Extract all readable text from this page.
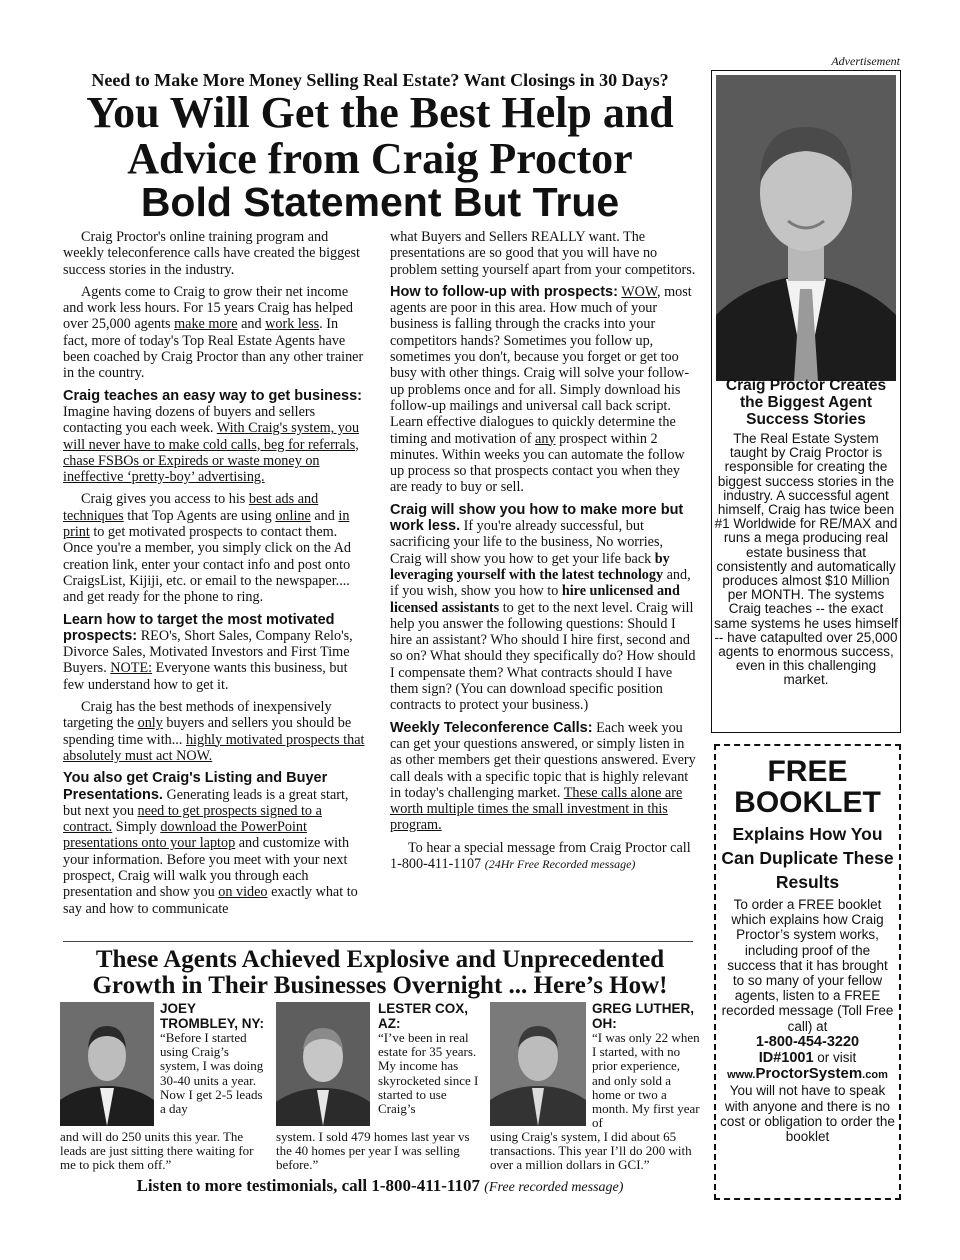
Advertisement
Need to Make More Money Selling Real Estate? Want Closings in 30 Days?
You Will Get the Best Help and
Advice from Craig Proctor
Bold Statement But True

Craig Proctor's online training program and weekly teleconference calls have created the biggest success stories in the industry.

Agents come to Craig to grow their net income and work less hours. For 15 years Craig has helped over 25,000 agents make more and work less. In fact, more of today's Top Real Estate Agents have been coached by Craig Proctor than any other trainer in the country.

Craig teaches an easy way to get business: Imagine having dozens of buyers and sellers contacting you each week. With Craig's system, you will never have to make cold calls, beg for referrals, chase FSBOs or Expireds or waste money on ineffective ‘pretty-boy’ advertising.

Craig gives you access to his best ads and techniques that Top Agents are using online and in print to get motivated prospects to contact them. Once you're a member, you simply click on the Ad creation link, enter your contact info and post onto CraigsList, Kijiji, etc. or email to the newspaper.... and get ready for the phone to ring.

Learn how to target the most motivated prospects: REO's, Short Sales, Company Relo's, Divorce Sales, Motivated Investors and First Time Buyers. NOTE: Everyone wants this business, but few understand how to get it.

Craig has the best methods of inexpensively targeting the only buyers and sellers you should be spending time with... highly motivated prospects that absolutely must act NOW.

You also get Craig's Listing and Buyer Presentations. Generating leads is a great start, but next you need to get prospects signed to a contract. Simply download the PowerPoint presentations onto your laptop and customize with your information. Before you meet with your next prospect, Craig will walk you through each presentation and show you on video exactly what to say and how to communicate

what Buyers and Sellers REALLY want. The presentations are so good that you will have no problem setting yourself apart from your competitors.

How to follow-up with prospects: WOW, most agents are poor in this area. How much of your business is falling through the cracks into your competitors hands? Sometimes you follow up, sometimes you don't, because you forget or get too busy with other things. Craig will solve your follow-up problems once and for all. Simply download his follow-up mailings and universal call back script. Learn effective dialogues to quickly determine the timing and motivation of any prospect within 2 minutes. Within weeks you can automate the follow up process so that prospects contact you when they are ready to buy or sell.

Craig will show you how to make more but work less. If you're already successful, but sacrificing your life to the business, No worries, Craig will show you how to get your life back by leveraging yourself with the latest technology and, if you wish, show you how to hire unlicensed and licensed assistants to get to the next level. Craig will help you answer the following questions: Should I hire an assistant? Who should I hire first, second and so on? What should they specifically do? How should I compensate them? What contracts should I have them sign? (You can download specific position contracts to protect your business.)

Weekly Teleconference Calls: Each week you can get your questions answered, or simply listen in as other members get their questions answered. Every call deals with a specific topic that is highly relevant in today's challenging market. These calls alone are worth multiple times the small investment in this program.

To hear a special message from Craig Proctor call 1-800-411-1107 (24Hr Free Recorded message)

These Agents Achieved Explosive and Unprecedented Growth in Their Businesses Overnight ... Here’s How!
JOEY TROMBLEY, NY:
“Before I started using Craig’s system, I was doing 30-40 units a year. Now I get 2-5 leads a day
and will do 250 units this year. The leads are just sitting there waiting for me to pick them off.”
LESTER COX, AZ:
“I’ve been in real estate for 35 years. My income has skyrocketed since I started to use Craig’s
system. I sold 479 homes last year vs the 40 homes per year I was selling before.”
GREG LUTHER, OH:
“I was only 22 when I started, with no prior experience, and only sold a home or two a month. My first year of
using Craig's system, I did about 65 transactions. This year I’ll do 200 with over a million dollars in GCI.”
Listen to more testimonials, call 1-800-411-1107 (Free recorded message)
Craig Proctor Creates the Biggest Agent Success Stories
The Real Estate System taught by Craig Proctor is responsible for creating the biggest success stories in the industry. A successful agent himself, Craig has twice been #1 Worldwide for RE/MAX and runs a mega producing real estate business that consistently and automatically produces almost $10 Million per MONTH. The systems Craig teaches -- the exact same systems he uses himself -- have catapulted over 25,000 agents to enormous success, even in this challenging market.
FREE
BOOKLET
Explains How You Can Duplicate These Results
To order a FREE booklet which explains how Craig Proctor’s system works, including proof of the success that it has brought to so many of your fellow agents, listen to a FREE recorded message (Toll Free call) at
1-800-454-3220
ID#1001 or visit
www.ProctorSystem.com
You will not have to speak with anyone and there is no cost or obligation to order the booklet
